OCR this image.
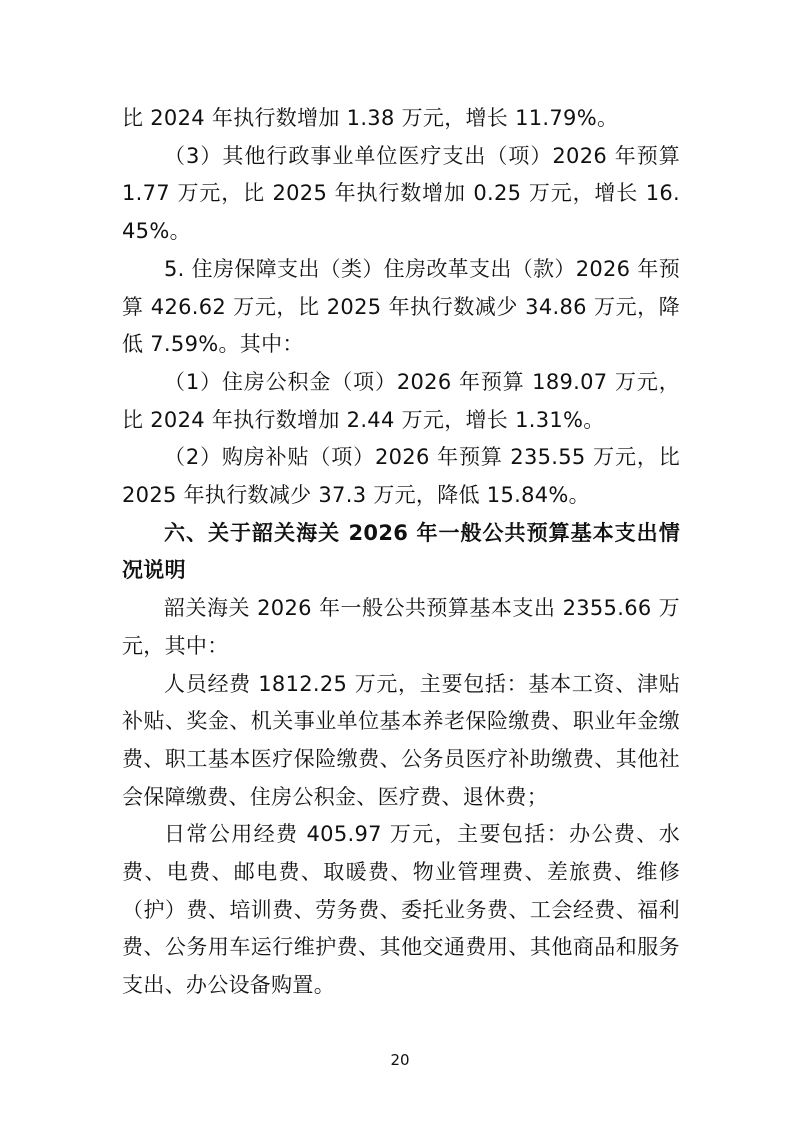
比 2024 年执行数增加 1.38 万元，增长 11.79%。

（3）其他行政事业单位医疗支出（项）2026 年预算 1.77 万元，比 2025 年执行数增加 0.25 万元，增长 16.45%。

5. 住房保障支出（类）住房改革支出（款）2026 年预算 426.62 万元，比 2025 年执行数减少 34.86 万元，降低 7.59%。其中：

（1）住房公积金（项）2026 年预算 189.07 万元，比 2024 年执行数增加 2.44 万元，增长 1.31%。

（2）购房补贴（项）2026 年预算 235.55 万元，比 2025 年执行数减少 37.3 万元，降低 15.84%。

六、关于韶关海关 2026 年一般公共预算基本支出情况说明

韶关海关 2026 年一般公共预算基本支出 2355.66 万元，其中：

人员经费 1812.25 万元，主要包括：基本工资、津贴补贴、奖金、机关事业单位基本养老保险缴费、职业年金缴费、职工基本医疗保险缴费、公务员医疗补助缴费、其他社会保障缴费、住房公积金、医疗费、退休费；

日常公用经费 405.97 万元，主要包括：办公费、水费、电费、邮电费、取暖费、物业管理费、差旅费、维修（护）费、培训费、劳务费、委托业务费、工会经费、福利费、公务用车运行维护费、其他交通费用、其他商品和服务支出、办公设备购置。

20
